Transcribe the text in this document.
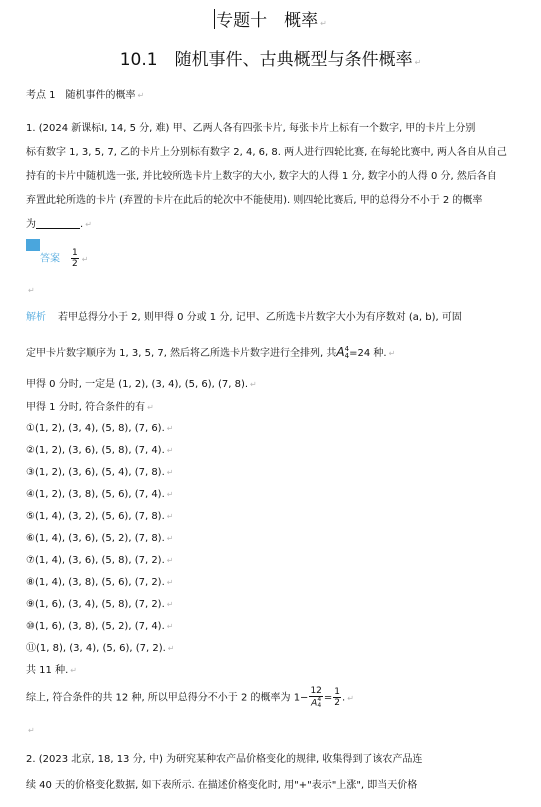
专题十　概率 ↵
10.1　随机事件、古典概型与条件概率 ↵
考点 1　随机事件的概率 ↵
1. (2024 新课标Ⅰ, 14, 5 分, 难) 甲、乙两人各有四张卡片, 每张卡片上标有一个数字, 甲的卡片上分别
标有数字 1, 3, 5, 7, 乙的卡片上分别标有数字 2, 4, 6, 8. 两人进行四轮比赛, 在每轮比赛中, 两人各自从自己
持有的卡片中随机选一张, 并比较所选卡片上数字的大小, 数字大的人得 1 分, 数字小的人得 0 分, 然后各自
弃置此轮所选的卡片 (弃置的卡片在此后的轮次中不能使用). 则四轮比赛后, 甲的总得分不小于 2 的概率
为	. ↵
答案 $\frac{1}{2}$ ↵
↵
解析 若甲总得分小于 2, 则甲得 0 分或 1 分, 记甲、乙所选卡片数字大小为有序数对 (a, b), 可固
定甲卡片数字顺序为 1, 3, 5, 7, 然后将乙所选卡片数字进行全排列, 共A 4
4 =24 种. ↵
甲得 0 分时, 一定是 (1, 2), (3, 4), (5, 6), (7, 8). ↵
甲得 1 分时, 符合条件的有 ↵
①(1, 2), (3, 4), (5, 8), (7, 6). ↵
②(1, 2), (3, 6), (5, 8), (7, 4). ↵
③(1, 2), (3, 6), (5, 4), (7, 8). ↵
④(1, 2), (3, 8), (5, 6), (7, 4). ↵
⑤(1, 4), (3, 2), (5, 6), (7, 8). ↵
⑥(1, 4), (3, 6), (5, 2), (7, 8). ↵
⑦(1, 4), (3, 6), (5, 8), (7, 2). ↵
⑧(1, 4), (3, 8), (5, 6), (7, 2). ↵
⑨(1, 6), (3, 4), (5, 8), (7, 2). ↵
⑩(1, 6), (3, 8), (5, 2), (7, 4). ↵
⑪(1, 8), (3, 4), (5, 6), (7, 2). ↵
共 11 种. ↵
综上, 符合条件的共 12 种, 所以甲总得分不小于 2 的概率为 1− 12
A 4
$4 = \frac{1}{2}$ . ↵
↵
2. (2023 北京, 18, 13 分, 中) 为研究某种农产品价格变化的规律, 收集得到了该农产品连
续 40 天的价格变化数据, 如下表所示. 在描述价格变化时, 用"+"表示"上涨", 即当天价格
